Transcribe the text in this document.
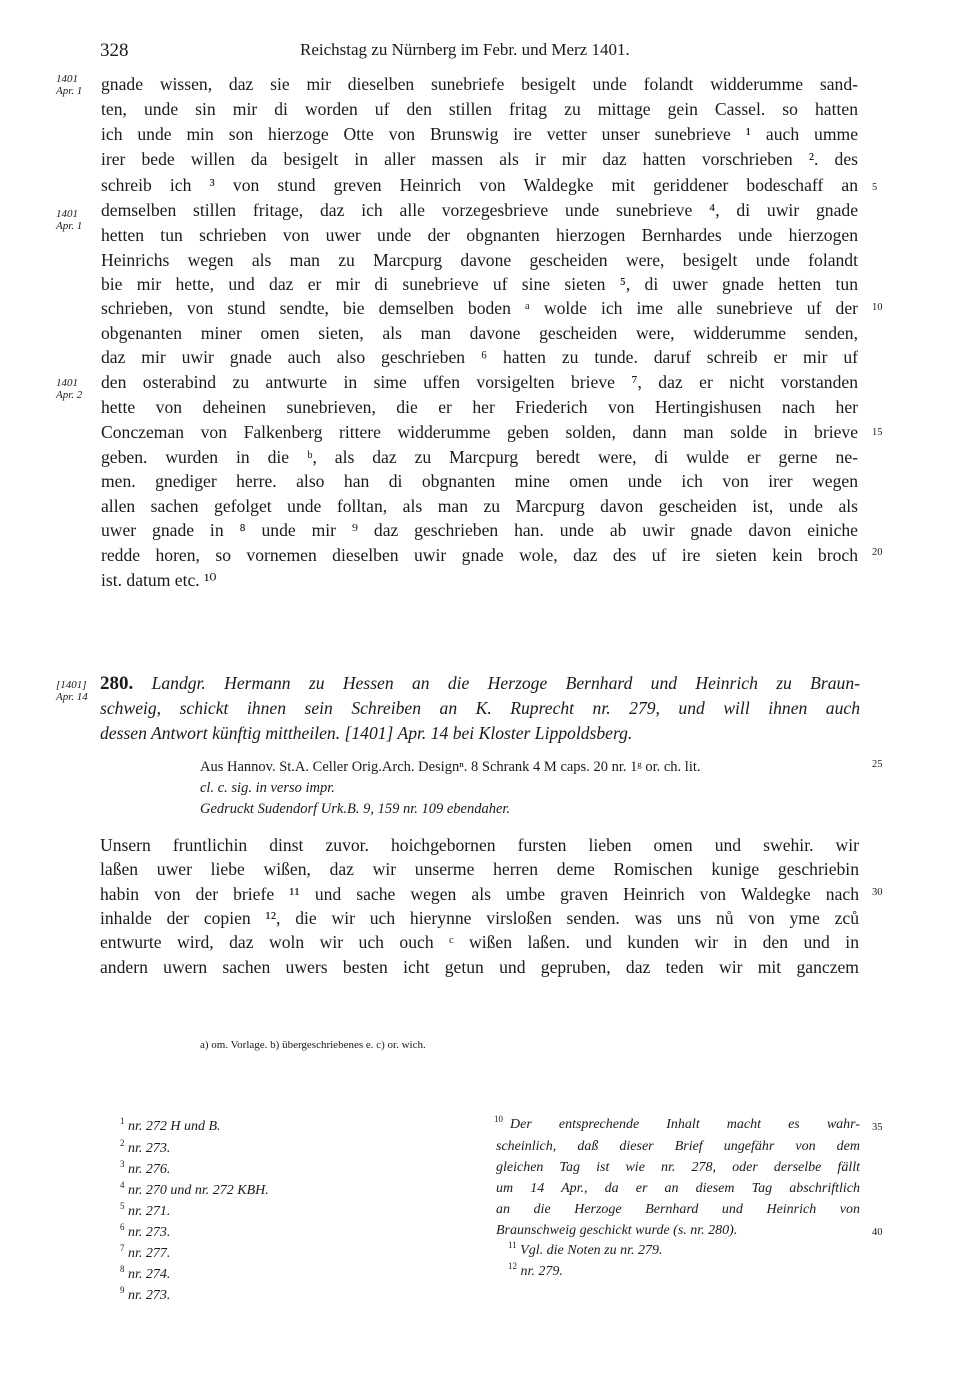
328	Reichstag zu Nürnberg im Febr. und Merz 1401.
1401
Apr. 1
1401
Apr. 1
1401
Apr. 2
[1401]
Apr. 14
5
10
15
20
25
30
35
40
gnade wissen, daz sie mir dieselben sunebriefe besigelt unde folandt widderumme sand-
ten, unde sin mir di worden uf den stillen fritag zu mittage gein Cassel. so hatten
ich unde min son hierzoge Otte von Brunswig ire vetter unser sunebrieve ¹ auch umme
irer bede willen da besigelt in aller massen als ir mir daz hatten vorschrieben ². des
schreib ich ³ von stund greven Heinrich von Waldegke mit geriddener bodeschaff an
demselben stillen fritage, daz ich alle vorzegesbrieve unde sunebrieve ⁴, di uwir gnade
hetten tun schrieben von uwer unde der obgnanten hierzogen Bernhardes unde hierzogen
Heinrichs wegen als man zu Marcpurg davone gescheiden were, besigelt unde folandt
bie mir hette, und daz er mir di sunebrieve uf sine sieten ⁵, di uwer gnade hetten tun
schrieben, von stund sendte, bie demselben boden ᵃ wolde ich ime alle sunebrieve uf der
obgenanten miner omen sieten, als man davone gescheiden were, widderumme senden,
daz mir uwir gnade auch also geschrieben ⁶ hatten zu tunde. daruf schreib er mir uf
den osterabind zu antwurte in sime uffen vorsigelten brieve ⁷, daz er nicht vorstanden
hette von deheinen sunebrieven, die er her Friederich von Hertingishusen nach her
Conczeman von Falkenberg rittere widderumme geben solden, dann man solde in brieve
geben. wurden in die ᵇ, als daz zu Marcpurg beredt were, di wulde er gerne ne-
men. gnediger herre. also han di obgnanten mine omen unde ich von irer wegen
allen sachen gefolget unde folltan, als man zu Marcpurg davon gescheiden ist, unde als
uwer gnade in ⁸ unde mir ⁹ daz geschrieben han. unde ab uwir gnade davon einiche
redde horen, so vornemen dieselben uwir gnade wole, daz des uf ire sieten kein broch
ist. datum etc. ¹⁰
280. Landgr. Hermann zu Hessen an die Herzoge Bernhard und Heinrich zu Braun-
schweig, schickt ihnen sein Schreiben an K. Ruprecht nr. 279, und will ihnen auch
dessen Antwort künftig mittheilen. [1401] Apr. 14 bei Kloster Lippoldsberg.
Aus Hannov. St.A. Celler Orig.Arch. Designⁿ. 8 Schrank 4 M caps. 20 nr. 1ᵍ or. ch. lit.
cl. c. sig. in verso impr.
Gedruckt Sudendorf Urk.B. 9, 159 nr. 109 ebendaher.
Unsern fruntlichin dinst zuvor. hoichgebornen fursten lieben omen und swehir. wir
laßen uwer liebe wißen, daz wir unserme herren deme Romischen kunige geschriebin
habin von der briefe ¹¹ und sache wegen als umbe graven Heinrich von Waldegke nach
inhalde der copien ¹², die wir uch hierynne virsloßen senden. was uns nů von yme zců
entwurte wird, daz woln wir uch ouch ᶜ wißen laßen. und kunden wir in den und in
andern uwern sachen uwers besten icht getun und gepruben, daz teden wir mit ganczem
a) om. Vorlage. b) übergeschriebenes e. c) or. wich.
$^1$ nr. 272 H und B.
$^2$ nr. 273.
$^3$ nr. 276.
$^4$ nr. 270 und nr. 272 KBH.
$^5$ nr. 271.
$^6$ nr. 273.
$^7$ nr. 277.
$^8$ nr. 274.
$^9$ nr. 273.
$^{10}$ Der entsprechende Inhalt macht es wahr-
scheinlich, daß dieser Brief ungefähr von dem
gleichen Tag ist wie nr. 278, oder derselbe fällt
um 14 Apr., da er an diesem Tag abschriftlich
an die Herzoge Bernhard und Heinrich von
Braunschweig geschickt wurde (s. nr. 280).
$^{11}$ Vgl. die Noten zu nr. 279.
$^{12}$ nr. 279.
